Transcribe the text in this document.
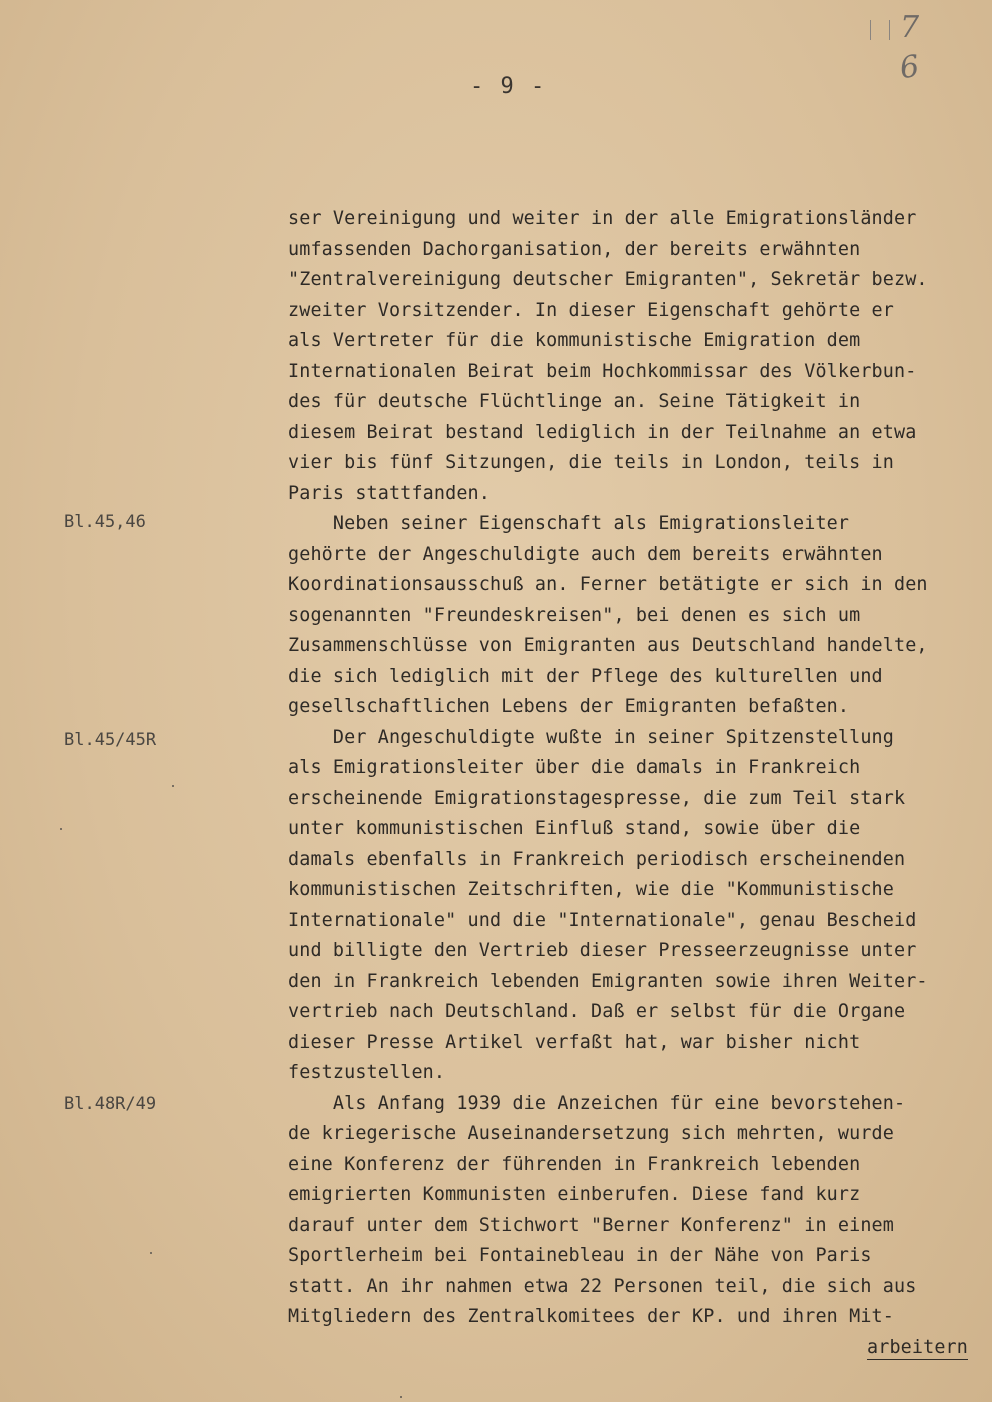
7
6
- 9 -
Bl.45,46
Bl.45/45R
Bl.48R/49
ser Vereinigung und weiter in der alle Emigrationsländer
umfassenden Dachorganisation, der bereits erwähnten
"Zentralvereinigung deutscher Emigranten", Sekretär bezw.
zweiter Vorsitzender. In dieser Eigenschaft gehörte er
als Vertreter für die kommunistische Emigration dem
Internationalen Beirat beim Hochkommissar des Völkerbun-
des für deutsche Flüchtlinge an. Seine Tätigkeit in
diesem Beirat bestand lediglich in der Teilnahme an etwa
vier bis fünf Sitzungen, die teils in London, teils in
Paris stattfanden.
Neben seiner Eigenschaft als Emigrationsleiter
gehörte der Angeschuldigte auch dem bereits erwähnten
Koordinationsausschuß an. Ferner betätigte er sich in den
sogenannten "Freundeskreisen", bei denen es sich um
Zusammenschlüsse von Emigranten aus Deutschland handelte,
die sich lediglich mit der Pflege des kulturellen und
gesellschaftlichen Lebens der Emigranten befaßten.
Der Angeschuldigte wußte in seiner Spitzenstellung
als Emigrationsleiter über die damals in Frankreich
erscheinende Emigrationstagespresse, die zum Teil stark
unter kommunistischen Einfluß stand, sowie über die
damals ebenfalls in Frankreich periodisch erscheinenden
kommunistischen Zeitschriften, wie die "Kommunistische
Internationale" und die "Internationale", genau Bescheid
und billigte den Vertrieb dieser Presseerzeugnisse unter
den in Frankreich lebenden Emigranten sowie ihren Weiter-
vertrieb nach Deutschland. Daß er selbst für die Organe
dieser Presse Artikel verfaßt hat, war bisher nicht
festzustellen.
Als Anfang 1939 die Anzeichen für eine bevorstehen-
de kriegerische Auseinandersetzung sich mehrten, wurde
eine Konferenz der führenden in Frankreich lebenden
emigrierten Kommunisten einberufen. Diese fand kurz
darauf unter dem Stichwort "Berner Konferenz" in einem
Sportlerheim bei Fontainebleau in der Nähe von Paris
statt. An ihr nahmen etwa 22 Personen teil, die sich aus
Mitgliedern des Zentralkomitees der KP. und ihren Mit-
arbeitern
